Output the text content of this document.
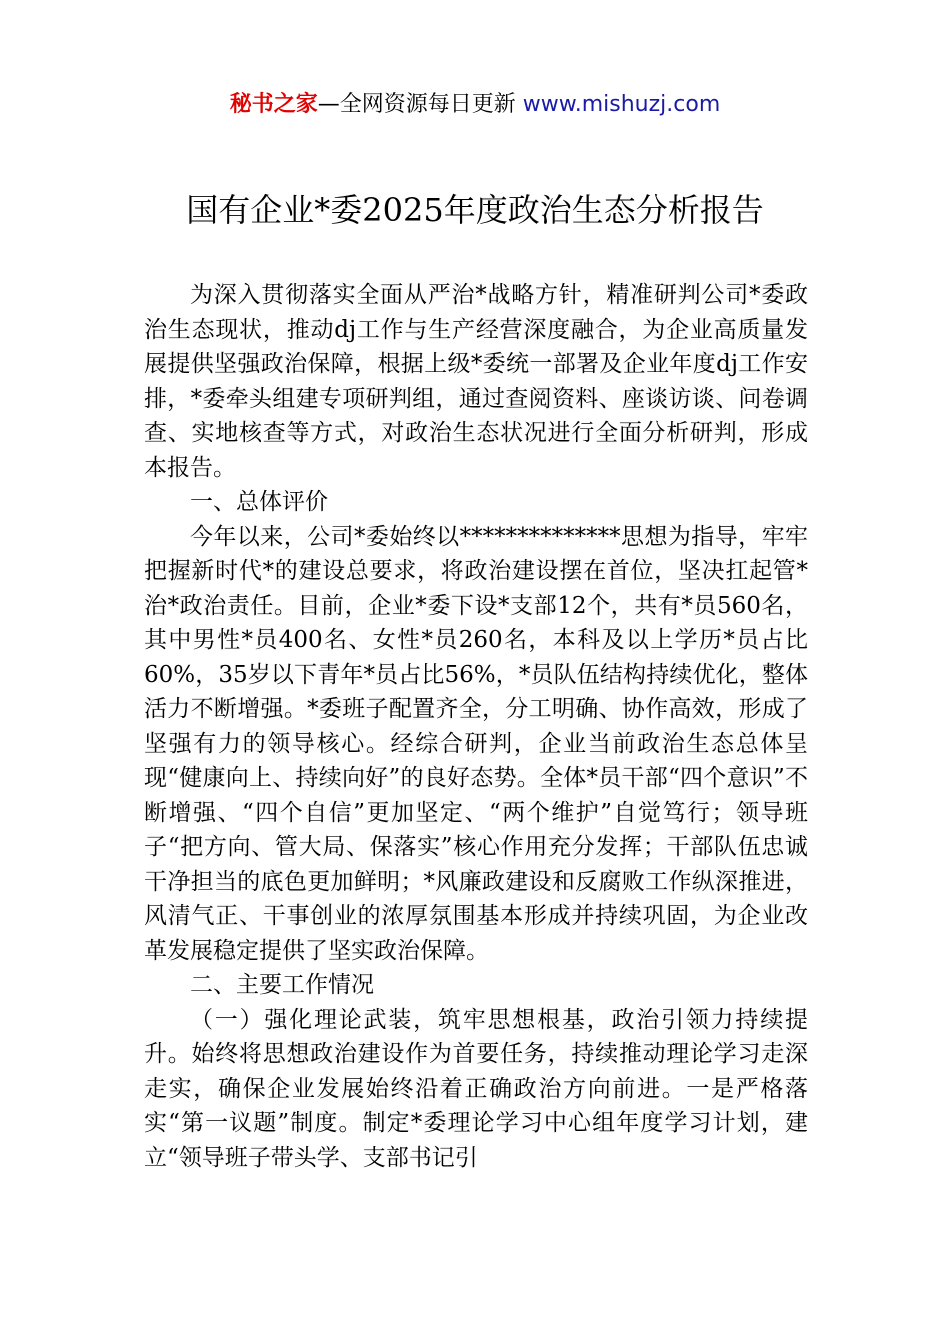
秘书之家—全网资源每日更新 www.mishuzj.com
国有企业*委2025年度政治生态分析报告

为深入贯彻落实全面从严治*战略方针，精准研判公司*委政治生态现状，推动dj工作与生产经营深度融合，为企业高质量发展提供坚强政治保障，根据上级*委统一部署及企业年度dj工作安排，*委牵头组建专项研判组，通过查阅资料、座谈访谈、问卷调查、实地核查等方式，对政治生态状况进行全面分析研判，形成本报告。

一、总体评价

今年以来，公司*委始终以**************思想为指导，牢牢把握新时代*的建设总要求，将政治建设摆在首位，坚决扛起管*治*政治责任。目前，企业*委下设*支部12个，共有*员560名，其中男性*员400名、女性*员260名，本科及以上学历*员占比60%，35岁以下青年*员占比56%，*员队伍结构持续优化，整体活力不断增强。*委班子配置齐全，分工明确、协作高效，形成了坚强有力的领导核心。经综合研判，企业当前政治生态总体呈现“健康向上、持续向好”的良好态势。全体*员干部“四个意识”不断增强、“四个自信”更加坚定、“两个维护”自觉笃行；领导班子“把方向、管大局、保落实”核心作用充分发挥；干部队伍忠诚干净担当的底色更加鲜明；*风廉政建设和反腐败工作纵深推进，风清气正、干事创业的浓厚氛围基本形成并持续巩固，为企业改革发展稳定提供了坚实政治保障。

二、主要工作情况

（一）强化理论武装，筑牢思想根基，政治引领力持续提升。始终将思想政治建设作为首要任务，持续推动理论学习走深走实，确保企业发展始终沿着正确政治方向前进。一是严格落实“第一议题”制度。制定*委理论学习中心组年度学习计划，建立“领导班子带头学、支部书记引
